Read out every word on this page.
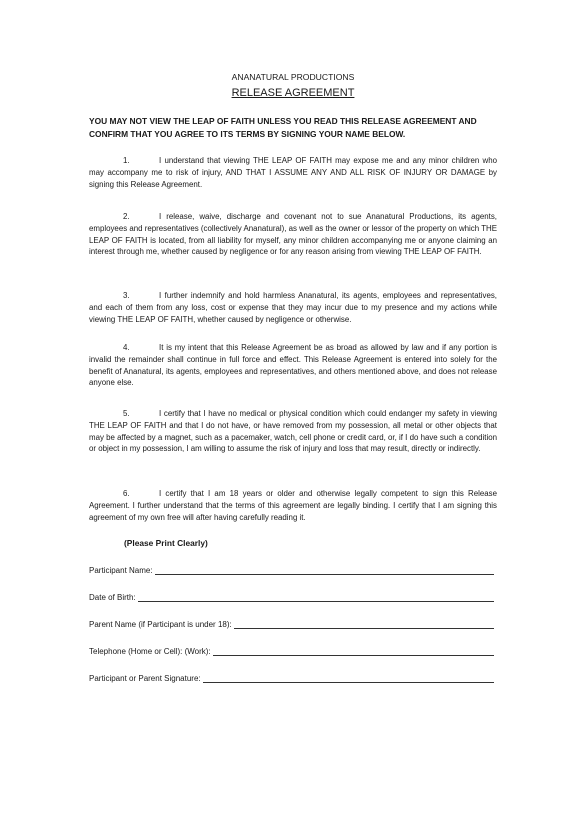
ANANATURAL PRODUCTIONS
RELEASE AGREEMENT
YOU MAY NOT VIEW THE LEAP OF FAITH UNLESS YOU READ THIS RELEASE AGREEMENT AND CONFIRM THAT YOU AGREE TO ITS TERMS BY SIGNING YOUR NAME BELOW.
1.	I understand that viewing THE LEAP OF FAITH may expose me and any minor children who may accompany me to risk of injury, AND THAT I ASSUME ANY AND ALL RISK OF INJURY OR DAMAGE by signing this Release Agreement.
2.	I release, waive, discharge and covenant not to sue Ananatural Productions, its agents, employees and representatives (collectively Ananatural), as well as the owner or lessor of the property on which THE LEAP OF FAITH is located, from all liability for myself, any minor children accompanying me or anyone claiming an interest through me, whether caused by negligence or for any reason arising from viewing THE LEAP OF FAITH.
3.	I further indemnify and hold harmless Ananatural, its agents, employees and representatives, and each of them from any loss, cost or expense that they may incur due to my presence and my actions while viewing THE LEAP OF FAITH, whether caused by negligence or otherwise.
4.	It is my intent that this Release Agreement be as broad as allowed by law and if any portion is invalid the remainder shall continue in full force and effect. This Release Agreement is entered into solely for the benefit of Ananatural, its agents, employees and representatives, and others mentioned above, and does not release anyone else.
5.	I certify that I have no medical or physical condition which could endanger my safety in viewing THE LEAP OF FAITH and that I do not have, or have removed from my possession, all metal or other objects that may be affected by a magnet, such as a pacemaker, watch, cell phone or credit card, or, if I do have such a condition or object in my possession, I am willing to assume the risk of injury and loss that may result, directly or indirectly.
6.	I certify that I am 18 years or older and otherwise legally competent to sign this Release Agreement. I further understand that the terms of this agreement are legally binding. I certify that I am signing this agreement of my own free will after having carefully reading it.
(Please Print Clearly)
Participant Name:
Date of Birth:
Parent Name (if Participant is under 18):
Telephone (Home or Cell): (Work):
Participant or Parent Signature:
